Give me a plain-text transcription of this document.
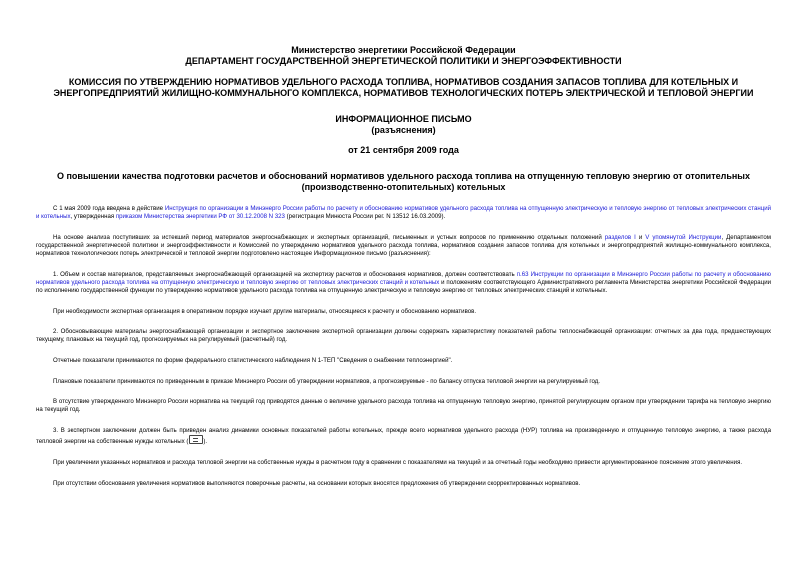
Министерство энергетики Российской Федерации
ДЕПАРТАМЕНТ ГОСУДАРСТВЕННОЙ ЭНЕРГЕТИЧЕСКОЙ ПОЛИТИКИ И ЭНЕРГОЭФФЕКТИВНОСТИ
КОМИССИЯ ПО УТВЕРЖДЕНИЮ НОРМАТИВОВ УДЕЛЬНОГО РАСХОДА ТОПЛИВА, НОРМАТИВОВ СОЗДАНИЯ ЗАПАСОВ ТОПЛИВА ДЛЯ КОТЕЛЬНЫХ И
ЭНЕРГОПРЕДПРИЯТИЙ ЖИЛИЩНО-КОММУНАЛЬНОГО КОМПЛЕКСА, НОРМАТИВОВ ТЕХНОЛОГИЧЕСКИХ ПОТЕРЬ ЭЛЕКТРИЧЕСКОЙ И ТЕПЛОВОЙ ЭНЕРГИИ
ИНФОРМАЦИОННОЕ ПИСЬМО
(разъяснения)
от 21 сентября 2009 года
О повышении качества подготовки расчетов и обоснований нормативов удельного расхода топлива на отпущенную тепловую энергию от отопительных
(производственно-отопительных) котельных

С 1 мая 2009 года введена в действие Инструкция по организации в Минэнерго России работы по расчету и обоснованию нормативов удельного расхода топлива на отпущенную электрическую и тепловую энергию от тепловых электрических станций и котельных, утвержденная приказом Министерства энергетики РФ от 30.12.2008 N 323 (регистрация Минюста России рег. N 13512 16.03.2009).

На основе анализа поступивших за истекший период материалов энергоснабжающих и экспертных организаций, письменных и устных вопросов по применению отдельных положений разделов I и V упомянутой Инструкции, Департаментом государственной энергетической политики и энергоэффективности и Комиссией по утверждению нормативов удельного расхода топлива, нормативов создания запасов топлива для котельных и энергопредприятий жилищно-коммунального комплекса, нормативов технологических потерь электрической и тепловой энергии подготовлено настоящее Информационное письмо (разъяснения):

1. Объем и состав материалов, представляемых энергоснабжающей организацией на экспертизу расчетов и обоснования нормативов, должен соответствовать п.63 Инструкции по организации в Минэнерго России работы по расчету и обоснованию нормативов удельного расхода топлива на отпущенную электрическую и тепловую энергию от тепловых электрических станций и котельных и положениям соответствующего Административного регламента Министерства энергетики Российской Федерации по исполнению государственной функции по утверждению нормативов удельного расхода топлива на отпущенную электрическую и тепловую энергию от тепловых электрических станций и котельных.

При необходимости экспертная организация в оперативном порядке изучает другие материалы, относящиеся к расчету и обоснованию нормативов.

2. Обосновывающие материалы энергоснабжающей организации и экспертное заключение экспертной организации должны содержать характеристику показателей работы теплоснабжающей организации: отчетных за два года, предшествующих текущему, плановых на текущий год, прогнозируемых на регулируемый (расчетный) год.

Отчетные показатели принимаются по форме федерального статистического наблюдения N 1-ТЕП "Сведения о снабжении теплоэнергией".

Плановые показатели принимаются по приведенным в приказе Минэнерго России об утверждении нормативов, а прогнозируемые - по балансу отпуска тепловой энергии на регулируемый год.

В отсутствие утвержденного Минэнерго России норматива на текущий год приводятся данные о величине удельного расхода топлива на отпущенную тепловую энергию, принятой регулирующим органом при утверждении тарифа на тепловую энергию на текущий год.

3. В экспертном заключении должен быть приведен анализ динамики основных показателей работы котельных, прежде всего нормативов удельного расхода (НУР) топлива на произведенную и отпущенную тепловую энергию, а также расхода тепловой энергии на собственные нужды котельных ( ).

При увеличении указанных нормативов и расхода тепловой энергии на собственные нужды в расчетном году в сравнении с показателями на текущий и за отчетный годы необходимо привести аргументированное пояснение этого увеличения.

При отсутствии обоснования увеличения нормативов выполняются поверочные расчеты, на основании которых вносятся предложения об утверждении скорректированных нормативов.
